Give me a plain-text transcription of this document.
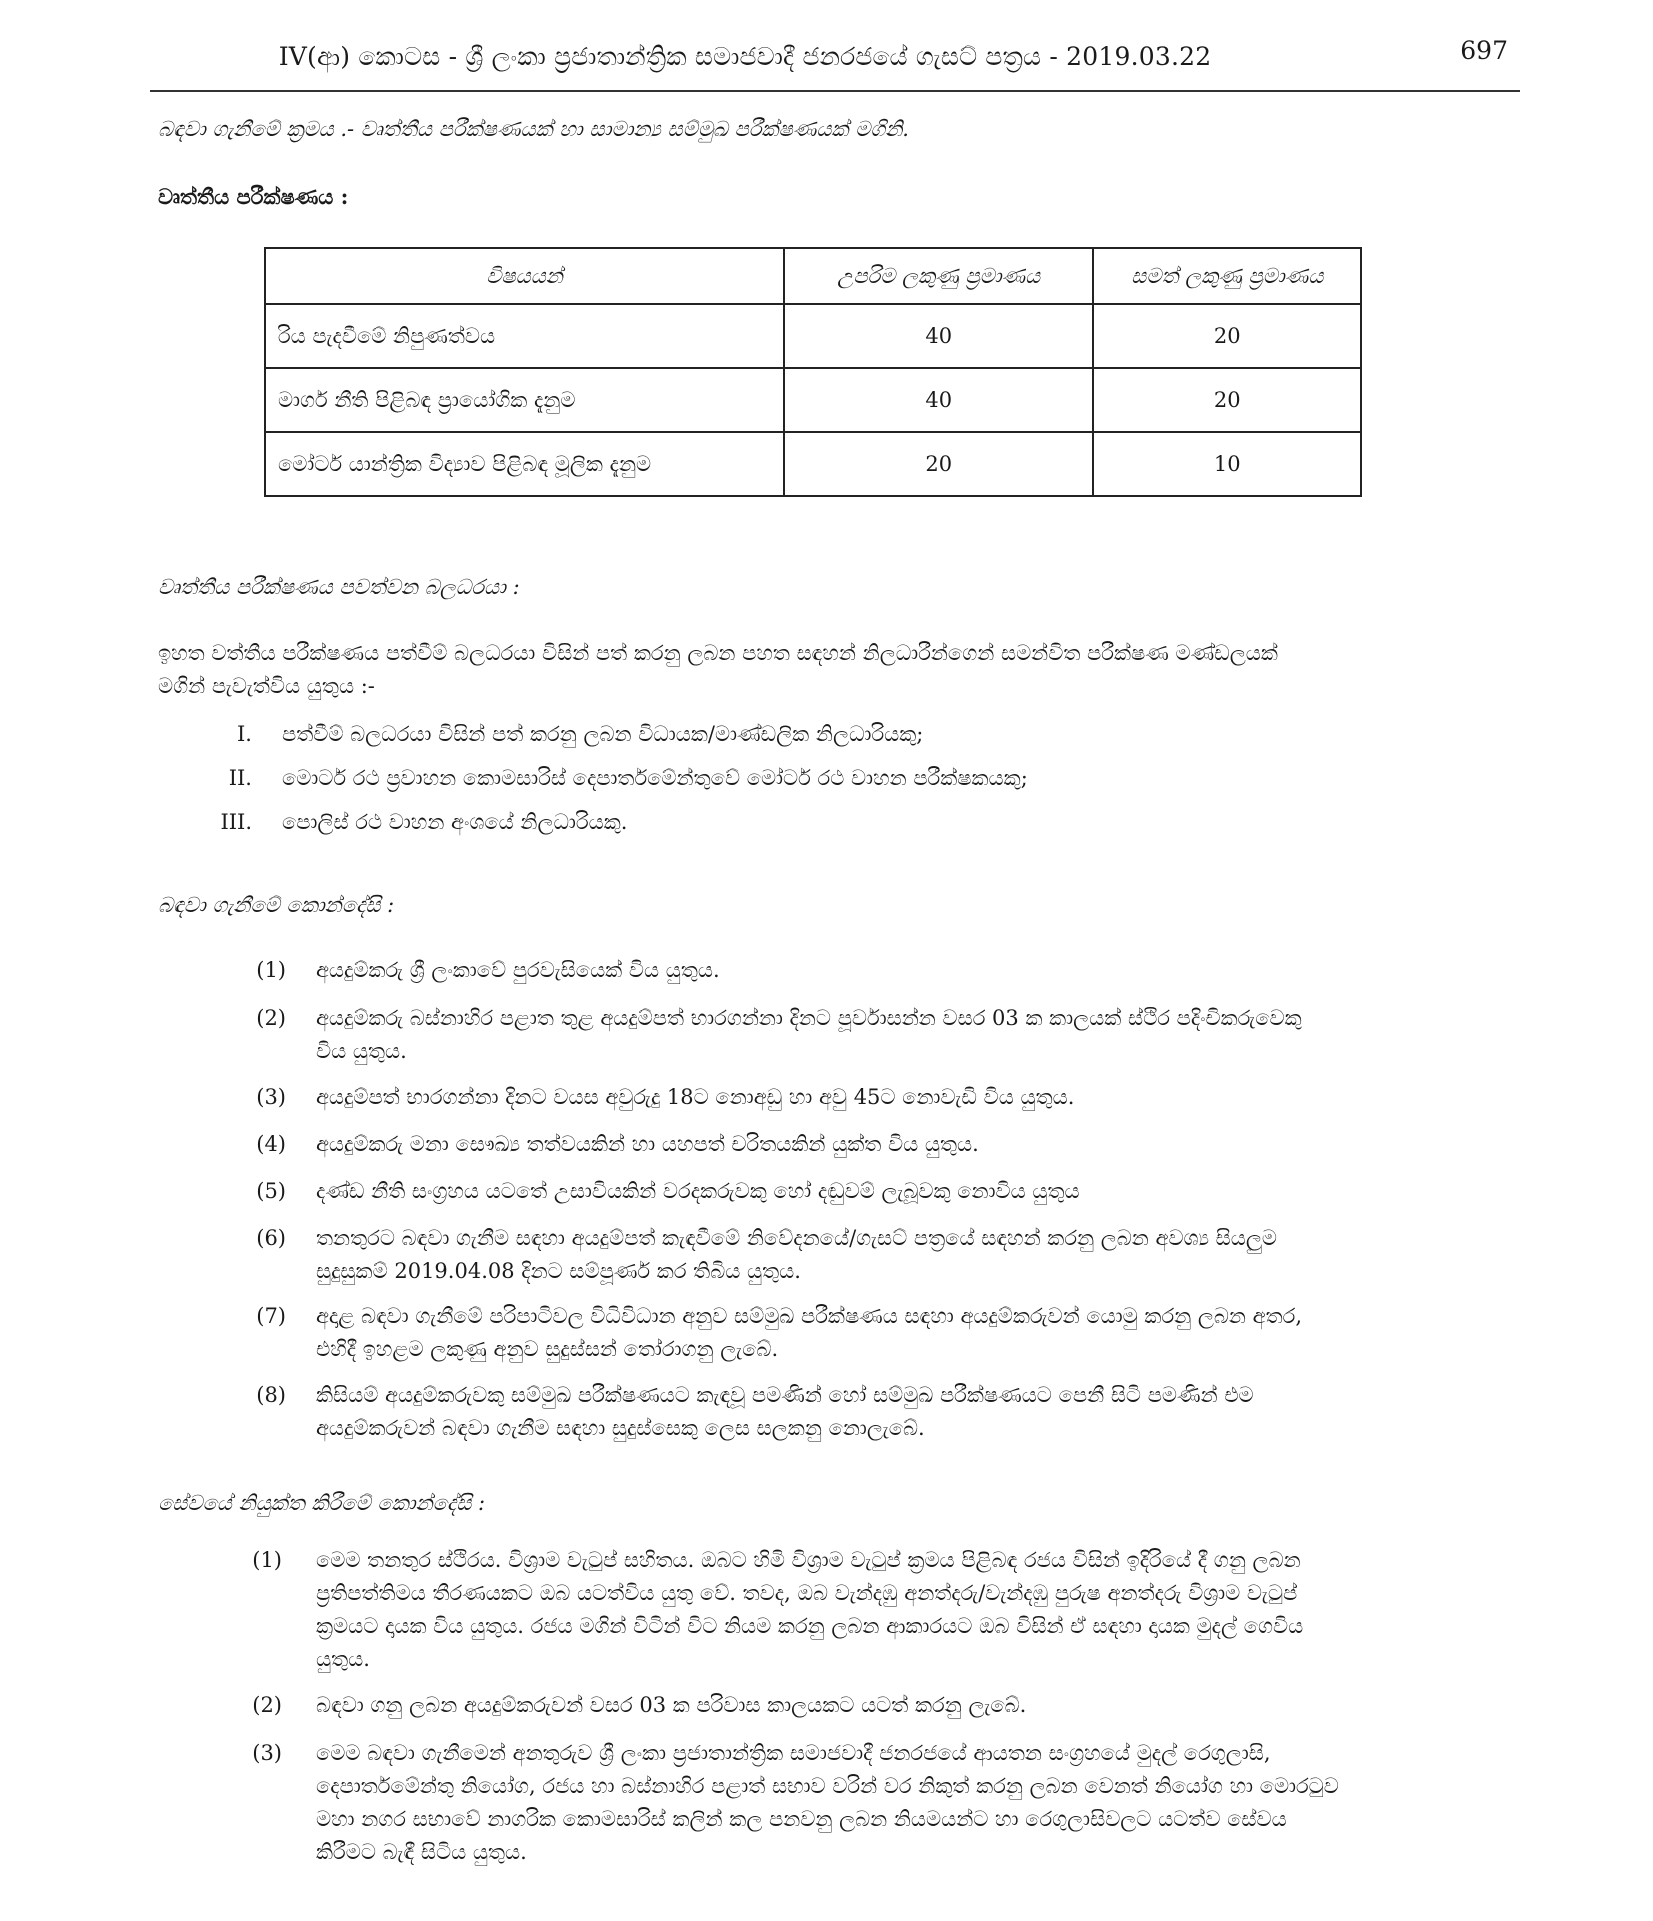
IV(ආ) කොටස - ශ්‍රී ලංකා ප්‍රජාතාන්ත්‍රික සමාජවාදී ජනරජයේ ගැසට් පත්‍රය - 2019.03.22	697
බඳවා ගැනීමේ ක්‍රමය .- වෘත්තීය පරීක්ෂණයක් හා සාමාන්‍ය සම්මුඛ පරීක්ෂණයක් මගිනි.
වෘත්තීය පරීක්ෂණය :
විෂයයන්	උපරිම ලකුණු ප්‍රමාණය	සමත් ලකුණු ප්‍රමාණය
රිය පැදවීමේ නිපුණත්වය	40	20
මාර්ග නීති පිළිබඳ ප්‍රායෝගික දැනුම	40	20
මෝටර් යාන්ත්‍රික විද්‍යාව පිළිබඳ මූලික දැනුම	20	10
වෘත්තීය පරීක්ෂණය පවත්වන බලධරයා :
ඉහත වත්තීය පරීක්ෂණය පත්වීම් බලධරයා විසින් පත් කරනු ලබන පහත සඳහන් නිලධාරීන්ගෙන් සමන්විත පරීක්ෂණ මණ්ඩලයක්
මගින් පැවැත්විය යුතුය :-
I. පත්වීම් බලධරයා විසින් පත් කරනු ලබන විධායක/මාණ්ඩලික නිලධාරියකු;
II. මොටර් රථ ප්‍රවාහන කොමසාරිස් දෙපාර්තමේන්තුවේ මෝටර් රථ වාහන පරීක්ෂකයකු;
III. පොලිස් රථ වාහන අංශයේ නිලධාරියකු.
බඳවා ගැනීමේ කොන්දේසි :
(1) අයදුම්කරු ශ්‍රී ලංකාවේ පුරවැසියෙක් විය යුතුය.
(2) අයදුම්කරු බස්නාහිර පළාත තුළ අයදුම්පත් භාරගන්නා දිනට පූර්වාසන්න වසර 03 ක කාලයක් ස්ථිර පදිංචිකරුවෙකු
විය යුතුය.
(3) අයදුම්පත් භාරගන්නා දිනට වයස අවුරුදු 18ට නොඅඩු හා අවු 45ට නොවැඩි විය යුතුය.
(4) අයදුම්කරු මනා සෞඛ්‍ය තත්වයකින් හා යහපත් චරිතයකින් යුක්ත විය යුතුය.
(5) දණ්ඩ නීති සංග්‍රහය යටතේ උසාවියකින් වරදකරුවකු හෝ දඬුවම් ලැබූවකු නොවිය යුතුය
(6) තනතුරට බඳවා ගැනීම සඳහා අයදුම්පත් කැඳවීමේ නිවේදනයේ/ගැසට් පත්‍රයේ සඳහන් කරනු ලබන අවශ්‍ය සියලුම
සුදුසුකම් 2019.04.08 දිනට සම්පූර්ණ කර තිබිය යුතුය.
(7) අදාළ බඳවා ගැනීමේ පරිපාටිවල විධිවිධාන අනුව සම්මුඛ පරීක්ෂණය සඳහා අයදුම්කරුවන් යොමු කරනු ලබන අතර,
එහිදී ඉහළම ලකුණු අනුව සුදුස්සන් තෝරාගනු ලැබේ.
(8) කිසියම් අයදුම්කරුවකු සම්මුඛ පරීක්ෂණයට කැඳවූ පමණින් හෝ සම්මුඛ පරීක්ෂණයට පෙනී සිටි පමණින් එම
අයදුම්කරුවන් බඳවා ගැනීම සඳහා සුදුස්සෙකු ලෙස සලකනු නොලැබේ.
සේවයේ නියුක්ත කිරීමේ කොන්දේසි :
(1) මෙම තනතුර ස්ථිරය. විශ්‍රාම වැටුප් සහිතය. ඔබට හිමි විශ්‍රාම වැටුප් ක්‍රමය පිළිබඳ රජය විසින් ඉදිරියේ දී ගනු ලබන
ප්‍රතිපත්තිමය තීරණයකට ඔබ යටත්විය යුතු වේ. තවද, ඔබ වැන්දඹු අනත්දරු/වැන්දඹු පුරුෂ අනත්දරු විශ්‍රාම වැටුප්
ක්‍රමයට දායක විය යුතුය. රජය මගින් විටින් විට නියම කරනු ලබන ආකාරයට ඔබ විසින් ඒ සඳහා දායක මුදල් ගෙවිය
යුතුය.
(2) බඳවා ගනු ලබන අයදුම්කරුවන් වසර 03 ක පරිවාස කාලයකට යටත් කරනු ලැබේ.
(3) මෙම බඳවා ගැනීමෙන් අනතුරුව ශ්‍රී ලංකා ප්‍රජාතාන්ත්‍රික සමාජවාදී ජනරජයේ ආයතන සංග්‍රහයේ මුදල් රෙගුලාසි,
දෙපාර්තමේන්තු නියෝග, රජය හා බස්නාහිර පළාත් සභාව වරින් වර නිකුත් කරනු ලබන වෙනත් නියෝග හා මොරටුව
මහා නගර සභාවේ නාගරික කොමසාරිස් කලින් කල පනවනු ලබන නියමයන්ට හා රෙගුලාසිවලට යටත්ව සේවය
කිරීමට බැඳී සිටිය යුතුය.
